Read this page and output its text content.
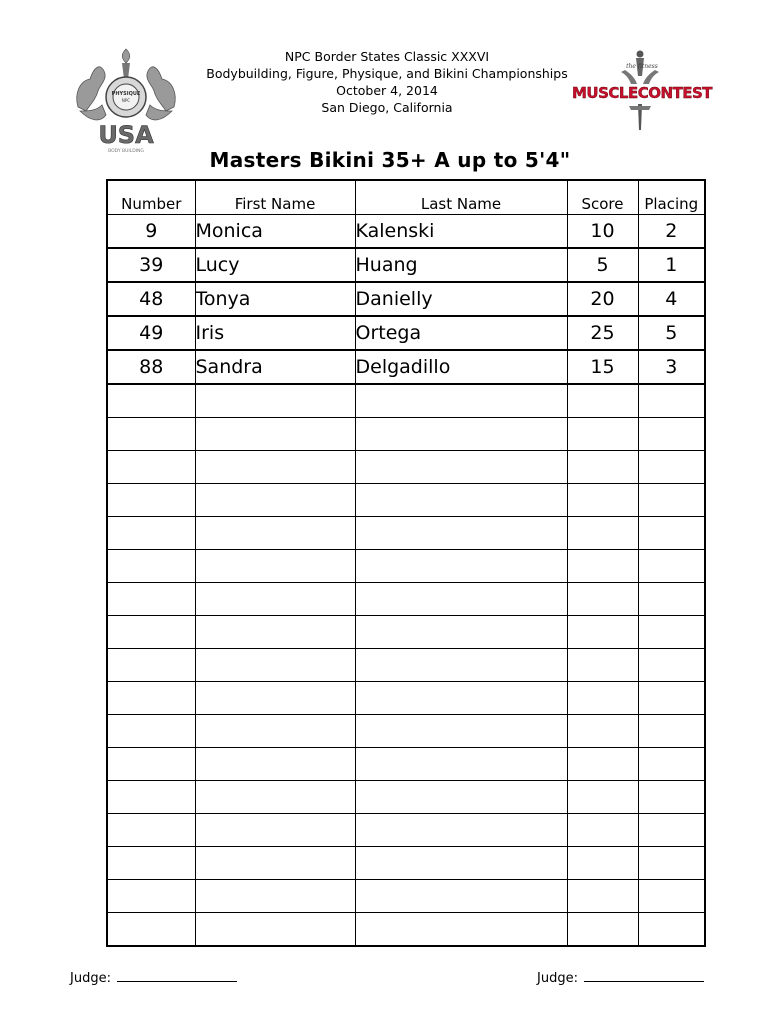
NPC Border States Classic XXXVI
Bodybuilding, Figure, Physique, and Bikini Championships
October 4, 2014
San Diego, California
PHYSIQUE
NPC
USA
BODY BUILDING
MUSCLECONTEST
the fitness
Masters Bikini 35+ A up to 5'4"
Number	First Name	Last Name	Score	Placing
9	Monica	Kalenski	10	2
39	Lucy	Huang	5	1
48	Tonya	Danielly	20	4
49	Iris	Ortega	25	5
88	Sandra	Delgadillo	15	3

Judge:	Judge:
